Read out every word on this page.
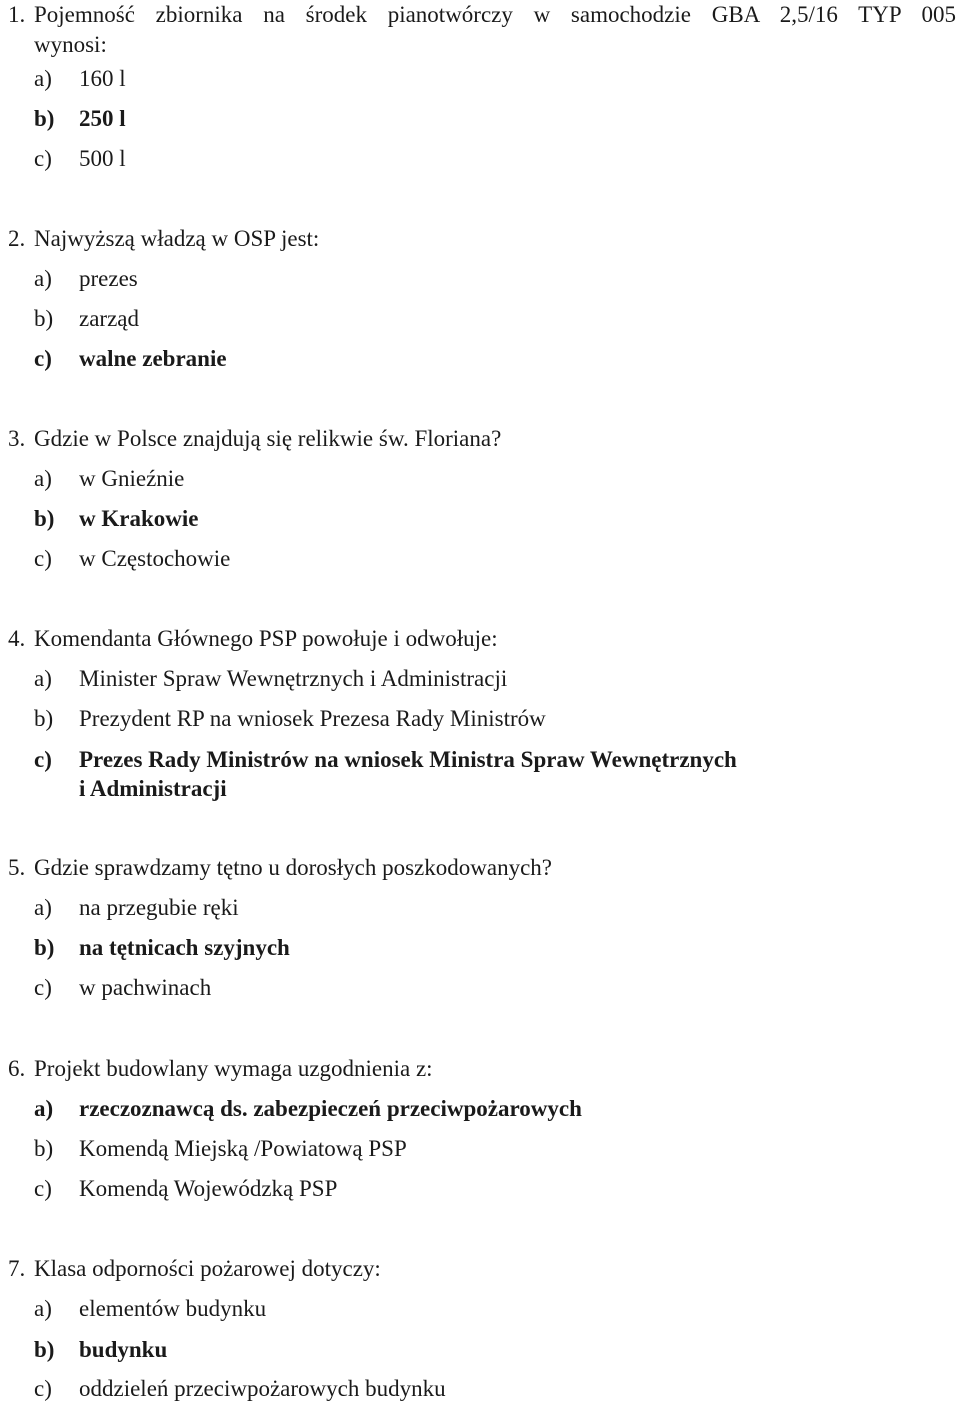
1. Pojemność zbiornika na środek pianotwórczy w samochodzie GBA 2,5/16 TYP 005
wynosi:
a) 160 l
b) 250 l
c) 500 l
2. Najwyższą władzą w OSP jest:
a) prezes
b) zarząd
c) walne zebranie
3. Gdzie w Polsce znajdują się relikwie św. Floriana?
a) w Gnieźnie
b) w Krakowie
c) w Częstochowie
4. Komendanta Głównego PSP powołuje i odwołuje:
a) Minister Spraw Wewnętrznych i Administracji
b) Prezydent RP na wniosek Prezesa Rady Ministrów
c) Prezes Rady Ministrów na wniosek Ministra Spraw Wewnętrznych
i Administracji
5. Gdzie sprawdzamy tętno u dorosłych poszkodowanych?
a) na przegubie ręki
b) na tętnicach szyjnych
c) w pachwinach
6. Projekt budowlany wymaga uzgodnienia z:
a) rzeczoznawcą ds. zabezpieczeń przeciwpożarowych
b) Komendą Miejską /Powiatową PSP
c) Komendą Wojewódzką PSP
7. Klasa odporności pożarowej dotyczy:
a) elementów budynku
b) budynku
c) oddzieleń przeciwpożarowych budynku
